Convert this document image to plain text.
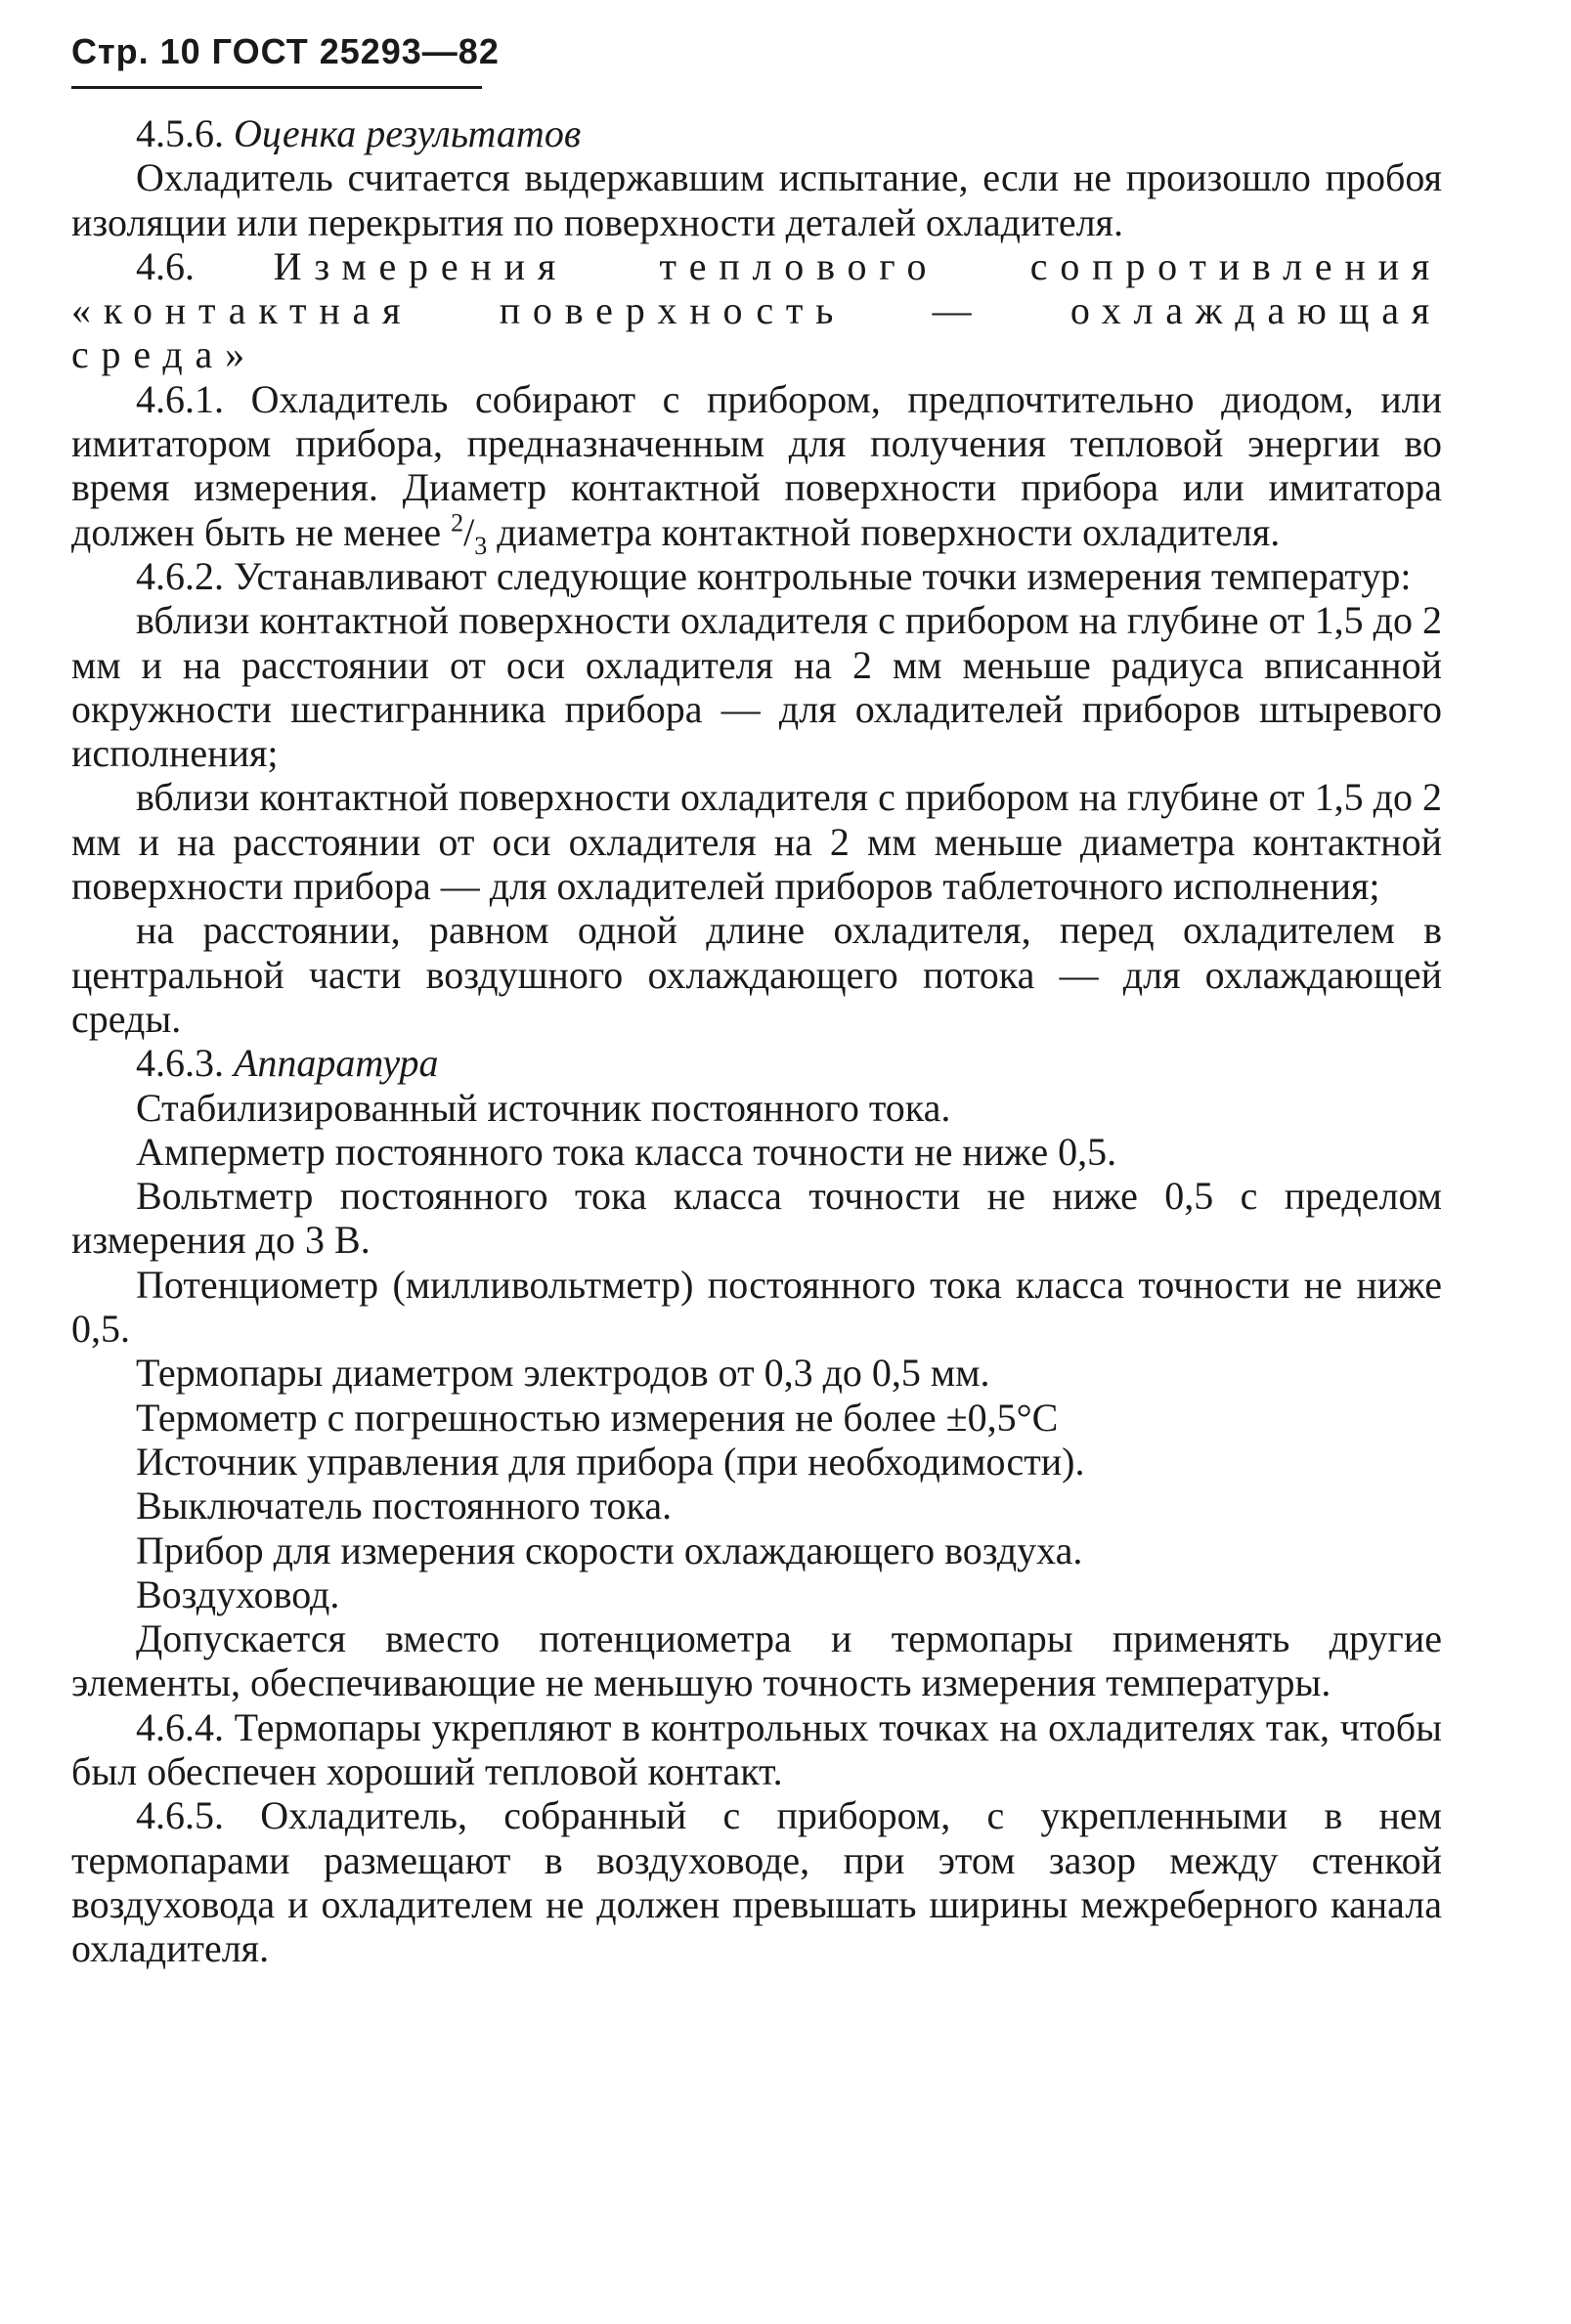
Стр. 10 ГОСТ 25293—82

4.5.6. Оценка результатов

Охладитель считается выдержавшим испытание, если не произошло пробоя изоляции или перекрытия по поверхности деталей охладителя.

4.6. Измерения теплового сопротивления «контактная поверхность — охлаждающая среда»

4.6.1. Охладитель собирают с прибором, предпочтительно диодом, или имитатором прибора, предназначенным для получения тепловой энергии во время измерения. Диаметр контактной поверхности прибора или имитатора должен быть не менее $^2/_3$ диаметра контактной поверхности охладителя.

4.6.2. Устанавливают следующие контрольные точки измерения температур:

вблизи контактной поверхности охладителя с прибором на глубине от 1,5 до 2 мм и на расстоянии от оси охладителя на 2 мм меньше радиуса вписанной окружности шестигранника прибора — для охладителей приборов штыревого исполнения;

вблизи контактной поверхности охладителя с прибором на глубине от 1,5 до 2 мм и на расстоянии от оси охладителя на 2 мм меньше диаметра контактной поверхности прибора — для охладителей приборов таблеточного исполнения;

на расстоянии, равном одной длине охладителя, перед охладителем в центральной части воздушного охлаждающего потока — для охлаждающей среды.

4.6.3. Аппаратура

Стабилизированный источник постоянного тока.

Амперметр постоянного тока класса точности не ниже 0,5.

Вольтметр постоянного тока класса точности не ниже 0,5 с пределом измерения до 3 В.

Потенциометр (милливольтметр) постоянного тока класса точности не ниже 0,5.

Термопары диаметром электродов от 0,3 до 0,5 мм.

Термометр с погрешностью измерения не более ±0,5°С

Источник управления для прибора (при необходимости).

Выключатель постоянного тока.

Прибор для измерения скорости охлаждающего воздуха.

Воздуховод.

Допускается вместо потенциометра и термопары применять другие элементы, обеспечивающие не меньшую точность измерения температуры.

4.6.4. Термопары укрепляют в контрольных точках на охладителях так, чтобы был обеспечен хороший тепловой контакт.

4.6.5. Охладитель, собранный с прибором, с укрепленными в нем термопарами размещают в воздуховоде, при этом зазор между стенкой воздуховода и охладителем не должен превышать ширины межреберного канала охладителя.
